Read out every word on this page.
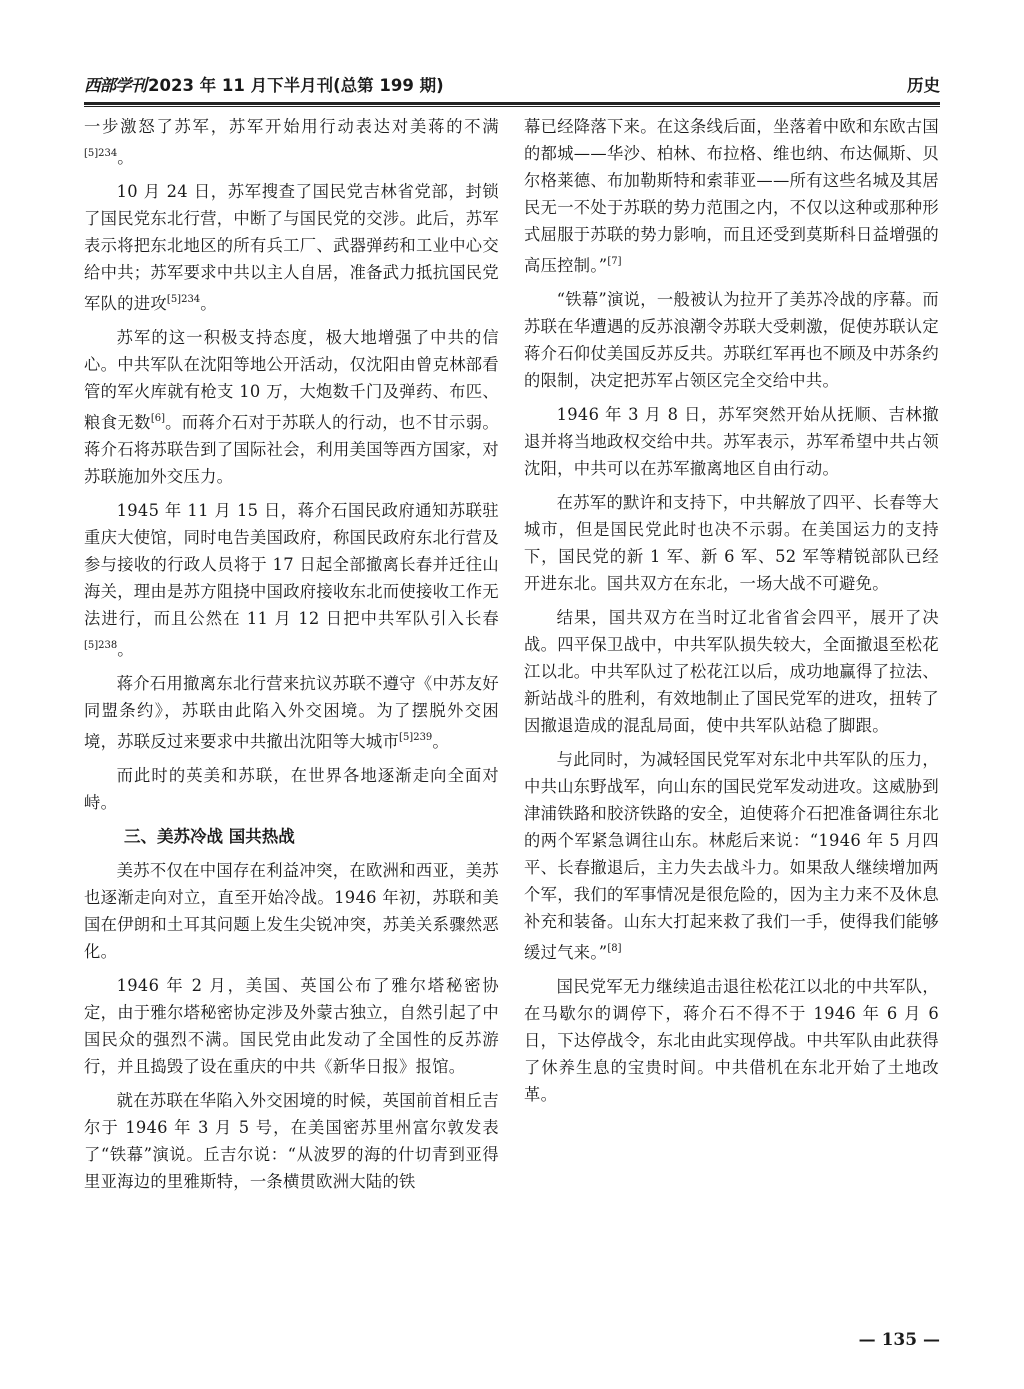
西部学刊 2023 年 11 月下半月刊(总第 199 期)	历史

一步激怒了苏军，苏军开始用行动表达对美蒋的不满$^{[5]234}$。

10 月 24 日，苏军搜查了国民党吉林省党部，封锁了国民党东北行营，中断了与国民党的交涉。此后，苏军表示将把东北地区的所有兵工厂、武器弹药和工业中心交给中共；苏军要求中共以主人自居，准备武力抵抗国民党军队的进攻$^{[5]234}$。

苏军的这一积极支持态度，极大地增强了中共的信心。中共军队在沈阳等地公开活动，仅沈阳由曾克林部看管的军火库就有枪支 10 万，大炮数千门及弹药、布匹、粮食无数[6]。而蒋介石对于苏联人的行动，也不甘示弱。蒋介石将苏联告到了国际社会，利用美国等西方国家，对苏联施加外交压力。

1945 年 11 月 15 日，蒋介石国民政府通知苏联驻重庆大使馆，同时电告美国政府，称国民政府东北行营及参与接收的行政人员将于 17 日起全部撤离长春并迁往山海关，理由是苏方阻挠中国政府接收东北而使接收工作无法进行，而且公然在 11 月 12 日把中共军队引入长春$^{[5]238}$。

蒋介石用撤离东北行营来抗议苏联不遵守《中苏友好同盟条约》，苏联由此陷入外交困境。为了摆脱外交困境，苏联反过来要求中共撤出沈阳等大城市$^{[5]239}$。

而此时的英美和苏联，在世界各地逐渐走向全面对峙。

三、美苏冷战 国共热战

美苏不仅在中国存在利益冲突，在欧洲和西亚，美苏也逐渐走向对立，直至开始冷战。1946 年初，苏联和美国在伊朗和土耳其问题上发生尖锐冲突，苏美关系骤然恶化。

1946 年 2 月，美国、英国公布了雅尔塔秘密协定，由于雅尔塔秘密协定涉及外蒙古独立，自然引起了中国民众的强烈不满。国民党由此发动了全国性的反苏游行，并且捣毁了设在重庆的中共《新华日报》报馆。

就在苏联在华陷入外交困境的时候，英国前首相丘吉尔于 1946 年 3 月 5 号，在美国密苏里州富尔敦发表了“铁幕”演说。丘吉尔说：“从波罗的海的什切青到亚得里亚海边的里雅斯特，一条横贯欧洲大陆的铁

幕已经降落下来。在这条线后面，坐落着中欧和东欧古国的都城——华沙、柏林、布拉格、维也纳、布达佩斯、贝尔格莱德、布加勒斯特和索菲亚——所有这些名城及其居民无一不处于苏联的势力范围之内，不仅以这种或那种形式屈服于苏联的势力影响，而且还受到莫斯科日益增强的高压控制。”[7]

“铁幕”演说，一般被认为拉开了美苏冷战的序幕。而苏联在华遭遇的反苏浪潮令苏联大受刺激，促使苏联认定蒋介石仰仗美国反苏反共。苏联红军再也不顾及中苏条约的限制，决定把苏军占领区完全交给中共。

1946 年 3 月 8 日，苏军突然开始从抚顺、吉林撤退并将当地政权交给中共。苏军表示，苏军希望中共占领沈阳，中共可以在苏军撤离地区自由行动。

在苏军的默许和支持下，中共解放了四平、长春等大城市，但是国民党此时也决不示弱。在美国运力的支持下，国民党的新 1 军、新 6 军、52 军等精锐部队已经开进东北。国共双方在东北，一场大战不可避免。

结果，国共双方在当时辽北省省会四平，展开了决战。四平保卫战中，中共军队损失较大，全面撤退至松花江以北。中共军队过了松花江以后，成功地赢得了拉法、新站战斗的胜利，有效地制止了国民党军的进攻，扭转了因撤退造成的混乱局面，使中共军队站稳了脚跟。

与此同时，为减轻国民党军对东北中共军队的压力，中共山东野战军，向山东的国民党军发动进攻。这威胁到津浦铁路和胶济铁路的安全，迫使蒋介石把准备调往东北的两个军紧急调往山东。林彪后来说：“1946 年 5 月四平、长春撤退后，主力失去战斗力。如果敌人继续增加两个军，我们的军事情况是很危险的，因为主力来不及休息补充和装备。山东大打起来救了我们一手，使得我们能够缓过气来。”[8]

国民党军无力继续追击退往松花江以北的中共军队，在马歇尔的调停下，蒋介石不得不于 1946 年 6 月 6 日，下达停战令，东北由此实现停战。中共军队由此获得了休养生息的宝贵时间。中共借机在东北开始了土地改革。

— 135 —
